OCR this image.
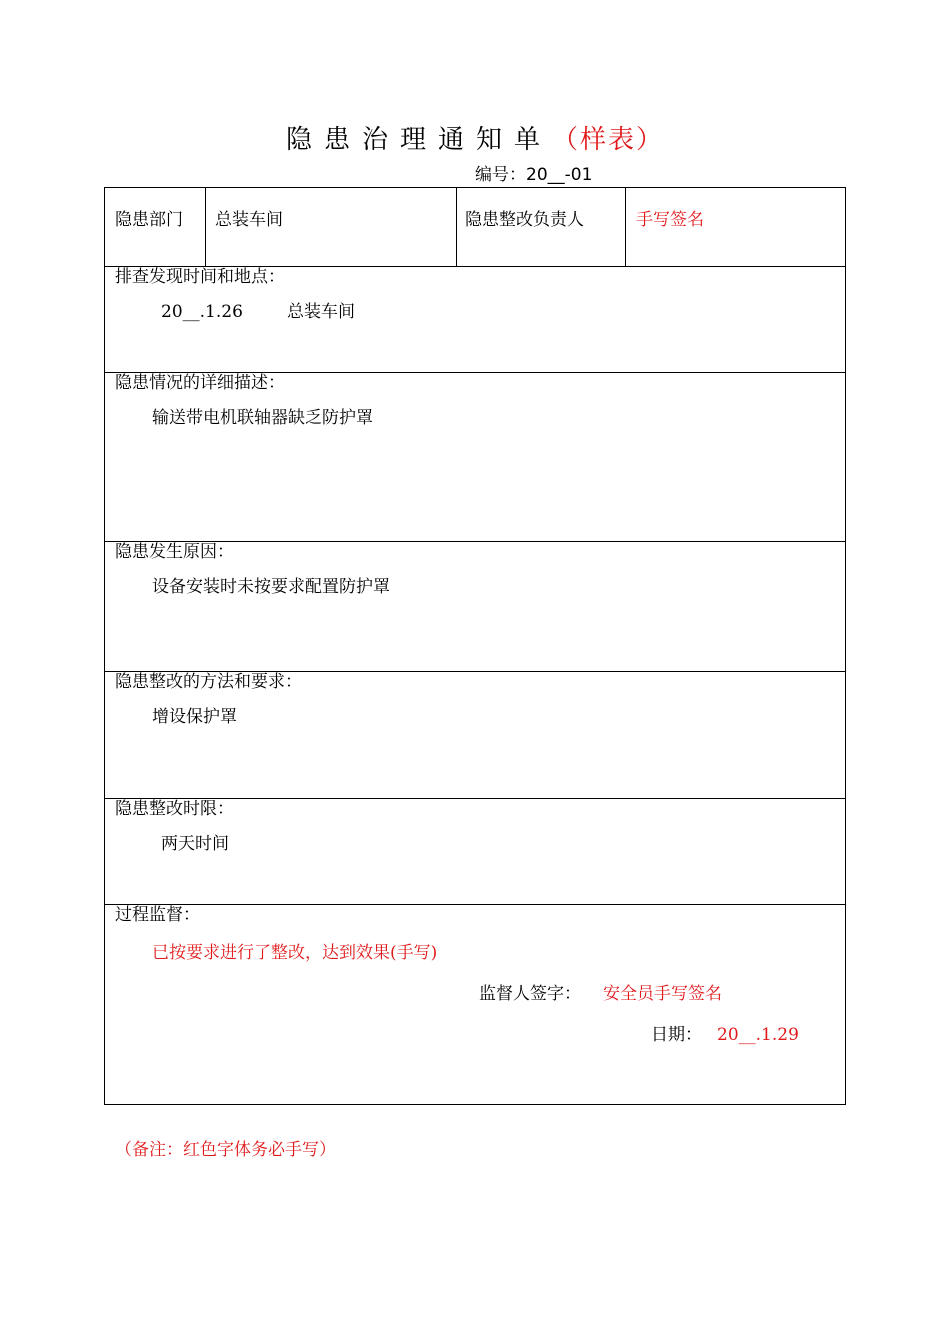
隐患治理通知单（样表）
编号：20__-01
隐患部门 总装车间	隐患整改负责人	手写签名
排查发现时间和地点：
20__.1.26	总装车间
隐患情况的详细描述：
输送带电机联轴器缺乏防护罩
隐患发生原因：
设备安装时未按要求配置防护罩
隐患整改的方法和要求：
增设保护罩
隐患整改时限：
两天时间
过程监督：
已按要求进行了整改，达到效果(手写)
监督人签字： 安全员手写签名
日期： 20__.1.29
（备注：红色字体务必手写）
